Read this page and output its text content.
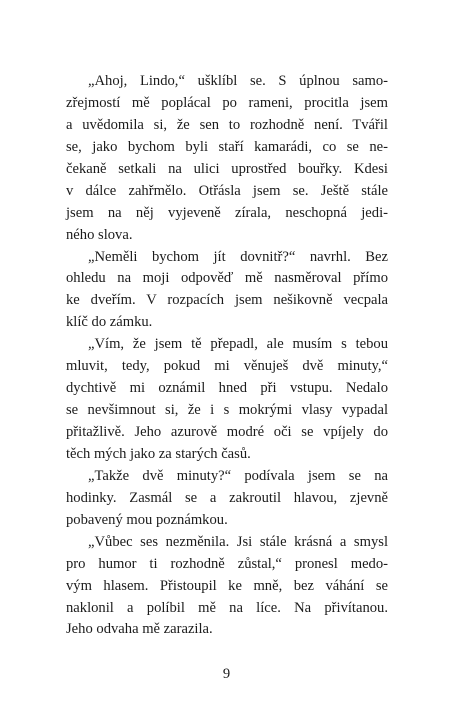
„Ahoj, Lindo,“ ušklíbl se. S úplnou samo-
zřejmostí mě poplácal po rameni, procitla jsem
a uvědomila si, že sen to rozhodně není. Tvářil
se, jako bychom byli staří kamarádi, co se ne-
čekaně setkali na ulici uprostřed bouřky. Kdesi
v dálce zahřmělo. Otřásla jsem se. Ještě stále
jsem na něj vyjeveně zírala, neschopná jedi-
ného slova.
„Neměli bychom jít dovnitř?“ navrhl. Bez
ohledu na moji odpověď mě nasměroval přímo
ke dveřím. V rozpacích jsem nešikovně vecpala
klíč do zámku.
„Vím, že jsem tě přepadl, ale musím s tebou
mluvit, tedy, pokud mi věnuješ dvě minuty,“
dychtivě mi oznámil hned při vstupu. Nedalo
se nevšimnout si, že i s mokrými vlasy vypadal
přitažlivě. Jeho azurově modré oči se vpíjely do
těch mých jako za starých časů.
„Takže dvě minuty?“ podívala jsem se na
hodinky. Zasmál se a zakroutil hlavou, zjevně
pobavený mou poznámkou.
„Vůbec ses nezměnila. Jsi stále krásná a smysl
pro humor ti rozhodně zůstal,“ pronesl medo-
vým hlasem. Přistoupil ke mně, bez váhání se
naklonil a políbil mě na líce. Na přivítanou.
Jeho odvaha mě zarazila.
9
